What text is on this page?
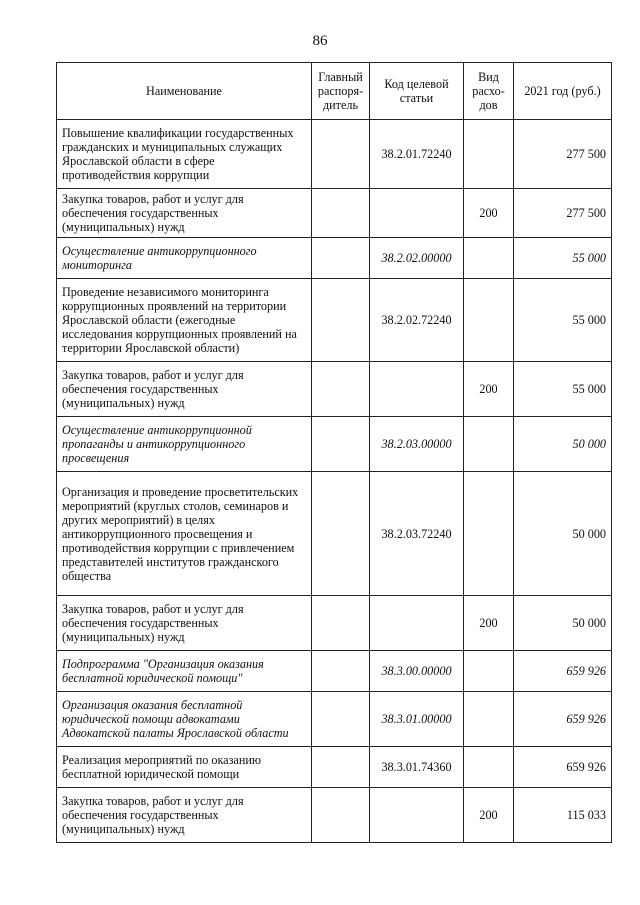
86
Наименование	Главный распоря-дитель	Код целевой статьи	Вид расхо-дов	2021 год (руб.)
Повышение квалификации государственных гражданских и муниципальных служащих Ярославской области в сфере противодействия коррупции		38.2.01.72240		277 500
Закупка товаров, работ и услуг для обеспечения государственных (муниципальных) нужд			200	277 500
Осуществление антикоррупционного мониторинга		38.2.02.00000		55 000
Проведение независимого мониторинга коррупционных проявлений на территории Ярославской области (ежегодные исследования коррупционных проявлений на территории Ярославской области)		38.2.02.72240		55 000
Закупка товаров, работ и услуг для обеспечения государственных (муниципальных) нужд			200	55 000
Осуществление антикоррупционной пропаганды и антикоррупционного просвещения		38.2.03.00000		50 000
Организация и проведение просветительских мероприятий (круглых столов, семинаров и других мероприятий) в целях антикоррупционного просвещения и противодействия коррупции с привлечением представителей институтов гражданского общества		38.2.03.72240		50 000
Закупка товаров, работ и услуг для обеспечения государственных (муниципальных) нужд			200	50 000
Подпрограмма "Организация оказания бесплатной юридической помощи"		38.3.00.00000		659 926
Организация оказания бесплатной юридической помощи адвокатами Адвокатской палаты Ярославской области		38.3.01.00000		659 926
Реализация мероприятий по оказанию бесплатной юридической помощи		38.3.01.74360		659 926
Закупка товаров, работ и услуг для обеспечения государственных (муниципальных) нужд			200	115 033
